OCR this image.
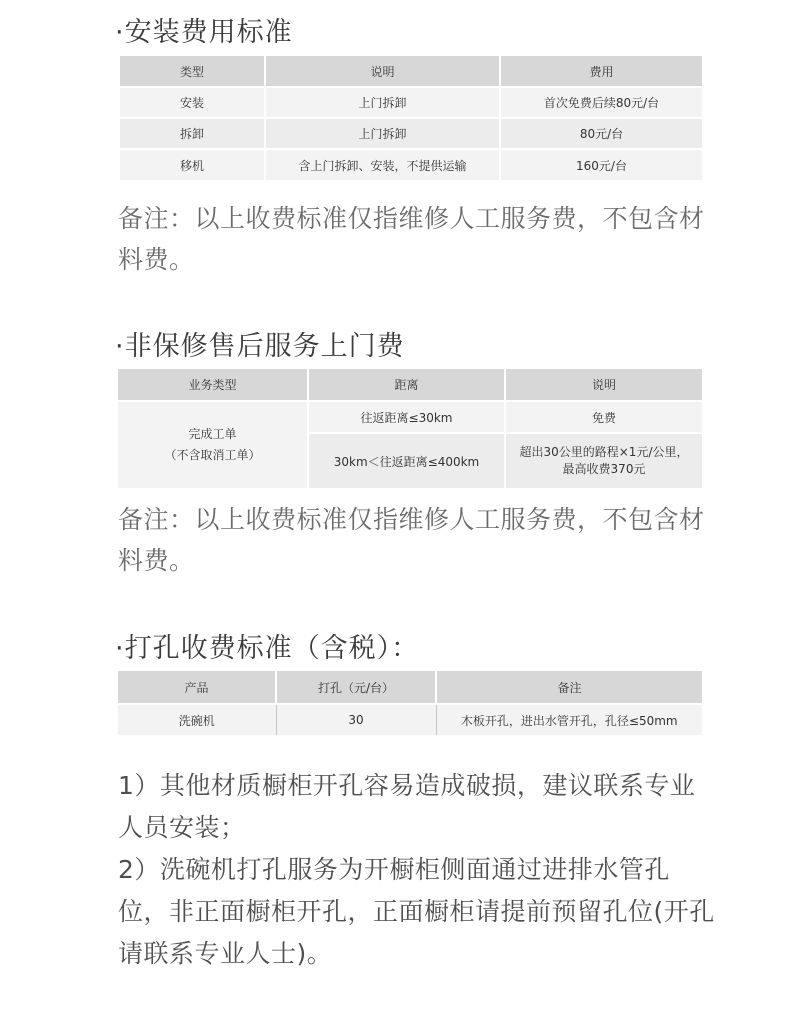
·安装费用标准
类型	说明	费用
安装	上门拆卸	首次免费后续80元/台
拆卸	上门拆卸	80元/台
移机	含上门拆卸、安装，不提供运输	160元/台
备注：以上收费标准仅指维修人工服务费，不包含材料费。
·非保修售后服务上门费
业务类型	距离	说明

完成工单
（不含取消工单）	往返距离≤30km	免费
	30km＜往返距离≤400km	超出30公里的路程×1元/公里，
最高收费370元
备注：以上收费标准仅指维修人工服务费，不包含材料费。
·打孔收费标准（含税）：
产品	打孔（元/台）	备注
洗碗机	30	木板开孔，进出水管开孔，孔径≤50mm

1）其他材质橱柜开孔容易造成破损，建议联系专业人员安装；

2）洗碗机打孔服务为开橱柜侧面通过进排水管孔位，非正面橱柜开孔，正面橱柜请提前预留孔位(开孔请联系专业人士)。
